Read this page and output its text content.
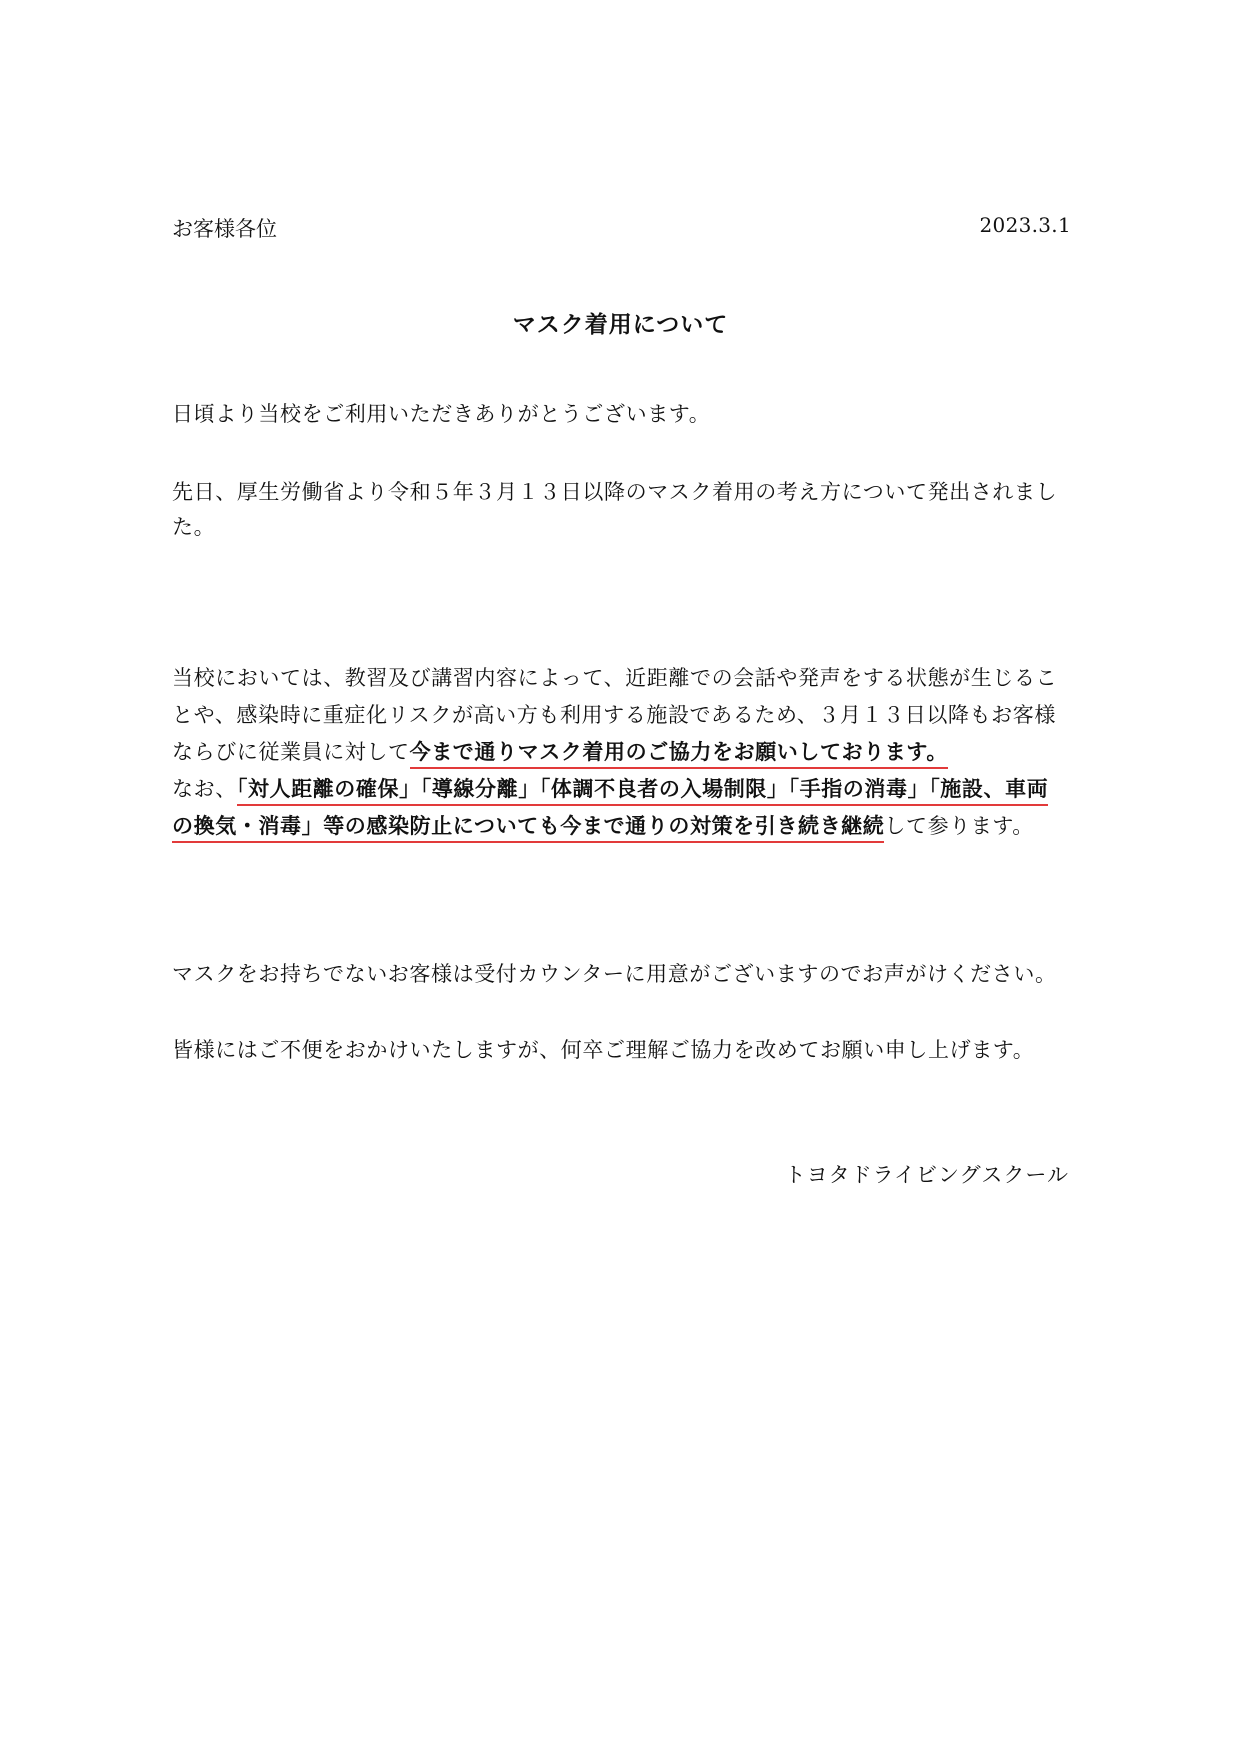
お客様各位	2023.3.1
マスク着用について
日頃より当校をご利用いただきありがとうございます。
先日、厚生労働省より令和５年３月１３日以降のマスク着用の考え方について発出されまし
た。
当校においては、教習及び講習内容によって、近距離での会話や発声をする状態が生じるこ
とや、感染時に重症化リスクが高い方も利用する施設であるため、３月１３日以降もお客様
ならびに従業員に対して今まで通りマスク着用のご協力をお願いしております。
なお、「対人距離の確保」「導線分離」「体調不良者の入場制限」「手指の消毒」「施設、車両
の換気・消毒」等の感染防止についても今まで通りの対策を引き続き継続して参ります。
マスクをお持ちでないお客様は受付カウンターに用意がございますのでお声がけください。
皆様にはご不便をおかけいたしますが、何卒ご理解ご協力を改めてお願い申し上げます。
トヨタドライビングスクール
